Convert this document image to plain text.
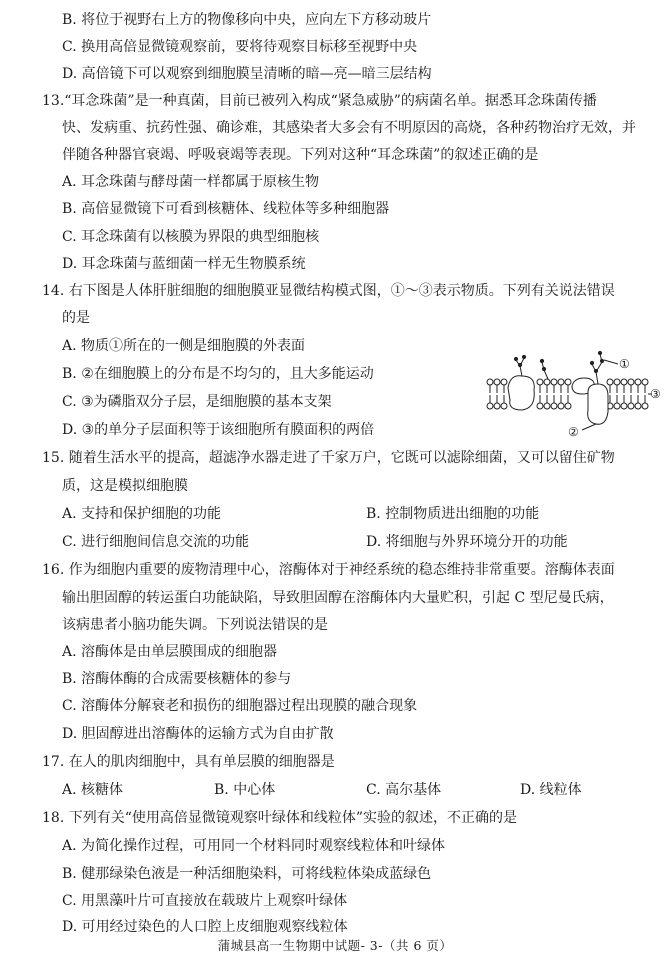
B. 将位于视野右上方的物像移向中央，应向左下方移动玻片
C. 换用高倍显微镜观察前，要将待观察目标移至视野中央
D. 高倍镜下可以观察到细胞膜呈清晰的暗—亮—暗三层结构
13.“耳念珠菌”是一种真菌，目前已被列入构成“紧急威胁”的病菌名单。据悉耳念珠菌传播
快、发病重、抗药性强、确诊难，其感染者大多会有不明原因的高烧，各种药物治疗无效，并
伴随各种器官衰竭、呼吸衰竭等表现。下列对这种“耳念珠菌”的叙述正确的是
A. 耳念珠菌与酵母菌一样都属于原核生物
B. 高倍显微镜下可看到核糖体、线粒体等多种细胞器
C. 耳念珠菌有以核膜为界限的典型细胞核
D. 耳念珠菌与蓝细菌一样无生物膜系统
14. 右下图是人体肝脏细胞的细胞膜亚显微结构模式图，①～③表示物质。下列有关说法错误
的是
A. 物质①所在的一侧是细胞膜的外表面
B. ②在细胞膜上的分布是不均匀的，且大多能运动
C. ③为磷脂双分子层，是细胞膜的基本支架
D. ③的单分子层面积等于该细胞所有膜面积的两倍
①
②
③
15. 随着生活水平的提高，超滤净水器走进了千家万户，它既可以滤除细菌，又可以留住矿物
质，这是模拟细胞膜
A. 支持和保护细胞的功能	B. 控制物质进出细胞的功能
C. 进行细胞间信息交流的功能	D. 将细胞与外界环境分开的功能
16. 作为细胞内重要的废物清理中心，溶酶体对于神经系统的稳态维持非常重要。溶酶体表面
输出胆固醇的转运蛋白功能缺陷，导致胆固醇在溶酶体内大量贮积，引起 C 型尼曼氏病，
该病患者小脑功能失调。下列说法错误的是
A. 溶酶体是由单层膜围成的细胞器
B. 溶酶体酶的合成需要核糖体的参与
C. 溶酶体分解衰老和损伤的细胞器过程出现膜的融合现象
D. 胆固醇进出溶酶体的运输方式为自由扩散
17. 在人的肌肉细胞中，具有单层膜的细胞器是
A. 核糖体	B. 中心体	C. 高尔基体	D. 线粒体
18. 下列有关“使用高倍显微镜观察叶绿体和线粒体”实验的叙述，不正确的是
A. 为简化操作过程，可用同一个材料同时观察线粒体和叶绿体
B. 健那绿染色液是一种活细胞染料，可将线粒体染成蓝绿色
C. 用黑藻叶片可直接放在载玻片上观察叶绿体
D. 可用经过染色的人口腔上皮细胞观察线粒体
蒲城县高一生物期中试题- 3-（共 6 页）
